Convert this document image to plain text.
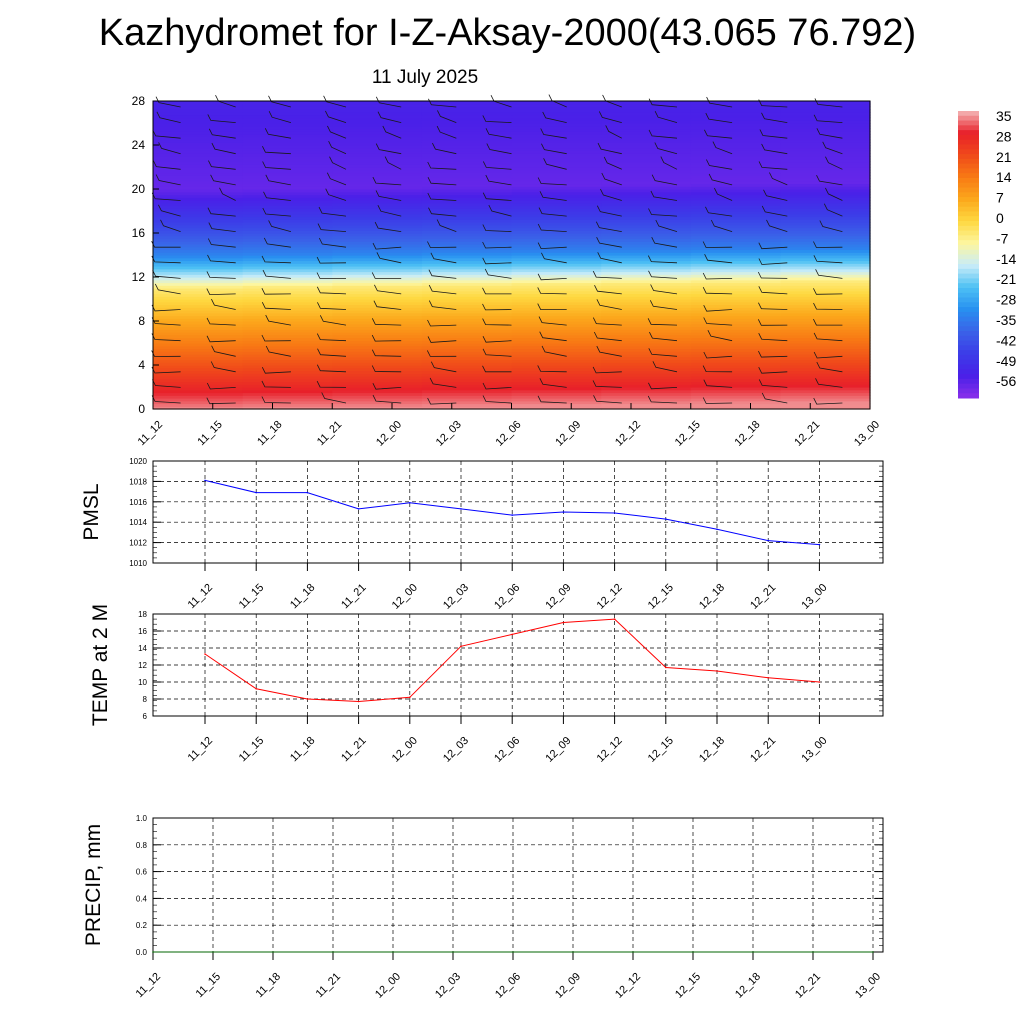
Kazhydromet for I-Z-Aksay-2000(43.065 76.792)
11 July 2025
0
4
8
12
16
20
24
28
11_12	11_15	11_18	11_21	12_00	12_03	12_06	12_09	12_12	12_15	12_18	12_21	13_00
35
28
21
14
7
0
-7
-14
-21
-28
-35
-42
-49
-56
1010
1012
1014
1016
1018
1020
11_12 11_15 11_18 11_21 12_00 12_03 12_06 12_09 12_12 12_15 12_18 12_21 13_00
PMSL
6
8
10
12
14
16
18
11_12 11_15 11_18 11_21 12_00 12_03 12_06 12_09 12_12 12_15 12_18 12_21 13_00
TEMP at 2 M
0.0
0.2
0.4
0.6
0.8
1.0
11_12	11_15	11_18	11_21	12_00	12_03	12_06	12_09	12_12	12_15	12_18	12_21	13_00
PRECIP, mm
